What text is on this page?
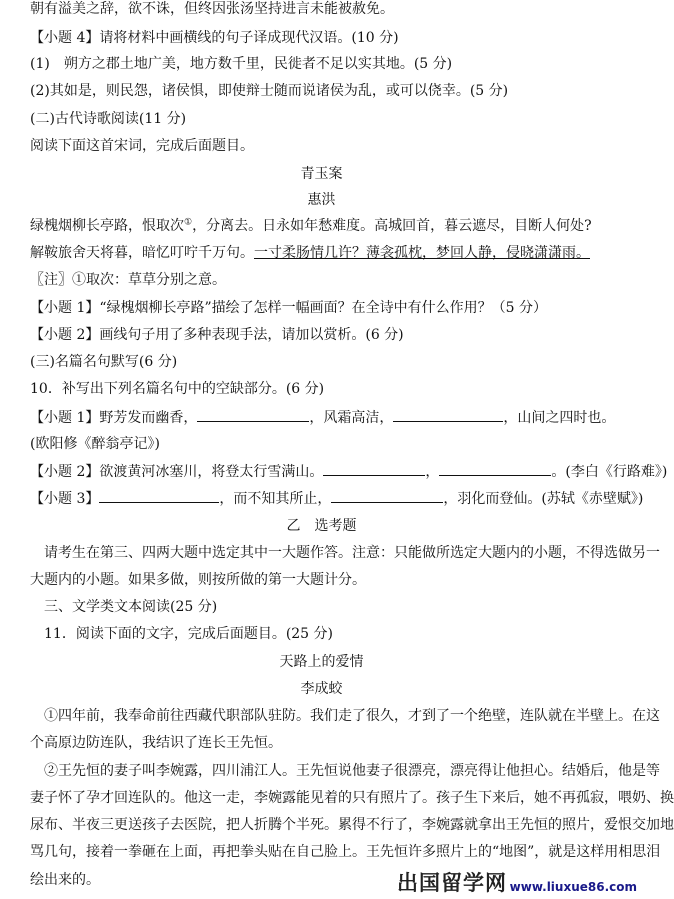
朝有溢美之辞，欲不诛，但终因张汤坚持进言未能被赦免。
【小题 4】请将材料中画横线的句子译成现代汉语。(10 分)
(1)　朔方之郡土地广美，地方数千里，民徙者不足以实其地。(5 分)
(2)其如是，则民怨，诸侯惧，即使辩士随而说诸侯为乱，或可以侥幸。(5 分)
(二)古代诗歌阅读(11 分)
阅读下面这首宋词，完成后面题目。
青玉案
惠洪
绿槐烟柳长亭路，恨取次①，分离去。日永如年愁难度。高城回首，暮云遮尽，目断人何处?
解鞍旅舍天将暮，暗忆叮咛千万句。一寸柔肠情几许？薄衾孤枕，梦回人静，侵晓潇潇雨。
〖注〗①取次：草草分别之意。
【小题 1】“绿槐烟柳长亭路”描绘了怎样一幅画面？在全诗中有什么作用？（5 分）
【小题 2】画线句子用了多种表现手法，请加以赏析。(6 分)
(三)名篇名句默写(6 分)
10．补写出下列名篇名句中的空缺部分。(6 分)
【小题 1】野芳发而幽香，	，风霜高洁，	，山间之四时也。
(欧阳修《醉翁亭记》)
【小题 2】欲渡黄河冰塞川，将登太行雪满山。	，	。(李白《行路难》)
【小题 3】	，而不知其所止，	，羽化而登仙。(苏轼《赤壁赋》)
乙　选考题
　请考生在第三、四两大题中选定其中一大题作答。注意：只能做所选定大题内的小题，不得选做另一
大题内的小题。如果多做，则按所做的第一大题计分。
　三、文学类文本阅读(25 分)
　11．阅读下面的文字，完成后面题目。(25 分)
天路上的爱情
李成蛟
　①四年前，我奉命前往西藏代职部队驻防。我们走了很久，才到了一个绝壁，连队就在半壁上。在这
个高原边防连队，我结识了连长王先恒。
　②王先恒的妻子叫李婉露，四川浦江人。王先恒说他妻子很漂亮，漂亮得让他担心。结婚后，他是等
妻子怀了孕才回连队的。他这一走，李婉露能见着的只有照片了。孩子生下来后，她不再孤寂，喂奶、换
尿布、半夜三更送孩子去医院，把人折腾个半死。累得不行了，李婉露就拿出王先恒的照片，爱恨交加地
骂几句，接着一拳砸在上面，再把拳头贴在自己脸上。王先恒许多照片上的“地图”，就是这样用相思泪
绘出来的。	出国留学网 www.liuxue86.com
